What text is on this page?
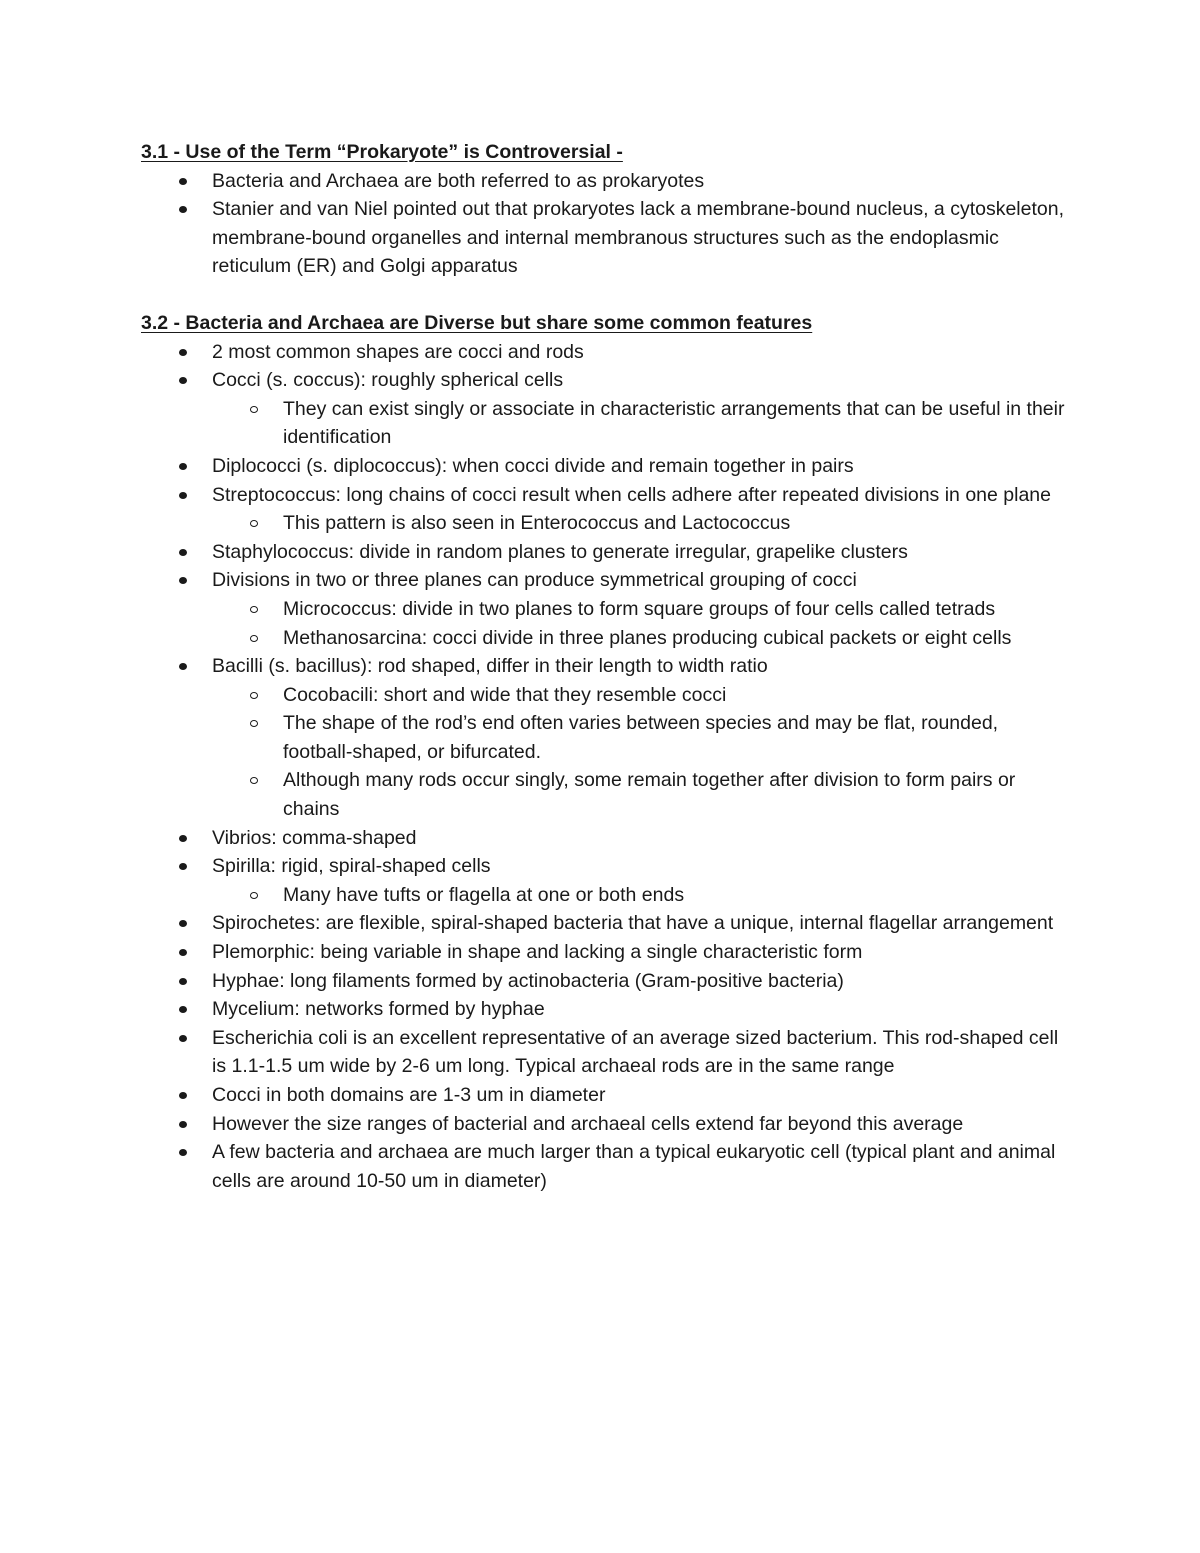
3.1 - Use of the Term “Prokaryote” is Controversial -

Bacteria and Archaea are both referred to as prokaryotes
Stanier and van Niel pointed out that prokaryotes lack a membrane-bound nucleus, a cytoskeleton, membrane-bound organelles and internal membranous structures such as the endoplasmic reticulum (ER) and Golgi apparatus

3.2 - Bacteria and Archaea are Diverse but share some common features

2 most common shapes are cocci and rods
Cocci (s. coccus): roughly spherical cells
They can exist singly or associate in characteristic arrangements that can be useful in their identification
Diplococci (s. diplococcus): when cocci divide and remain together in pairs
Streptococcus: long chains of cocci result when cells adhere after repeated divisions in one plane
This pattern is also seen in Enterococcus and Lactococcus
Staphylococcus: divide in random planes to generate irregular, grapelike clusters
Divisions in two or three planes can produce symmetrical grouping of cocci
Micrococcus: divide in two planes to form square groups of four cells called tetrads
Methanosarcina: cocci divide in three planes producing cubical packets or eight cells
Bacilli (s. bacillus): rod shaped, differ in their length to width ratio
Cocobacili: short and wide that they resemble cocci
The shape of the rod’s end often varies between species and may be flat, rounded, football-shaped, or bifurcated.
Although many rods occur singly, some remain together after division to form pairs or chains
Vibrios: comma-shaped
Spirilla: rigid, spiral-shaped cells
Many have tufts or flagella at one or both ends
Spirochetes: are flexible, spiral-shaped bacteria that have a unique, internal flagellar arrangement
Plemorphic: being variable in shape and lacking a single characteristic form
Hyphae: long filaments formed by actinobacteria (Gram-positive bacteria)
Mycelium: networks formed by hyphae
Escherichia coli is an excellent representative of an average sized bacterium. This rod-shaped cell is 1.1-1.5 um wide by 2-6 um long. Typical archaeal rods are in the same range
Cocci in both domains are 1-3 um in diameter
However the size ranges of bacterial and archaeal cells extend far beyond this average
A few bacteria and archaea are much larger than a typical eukaryotic cell (typical plant and animal cells are around 10-50 um in diameter)
